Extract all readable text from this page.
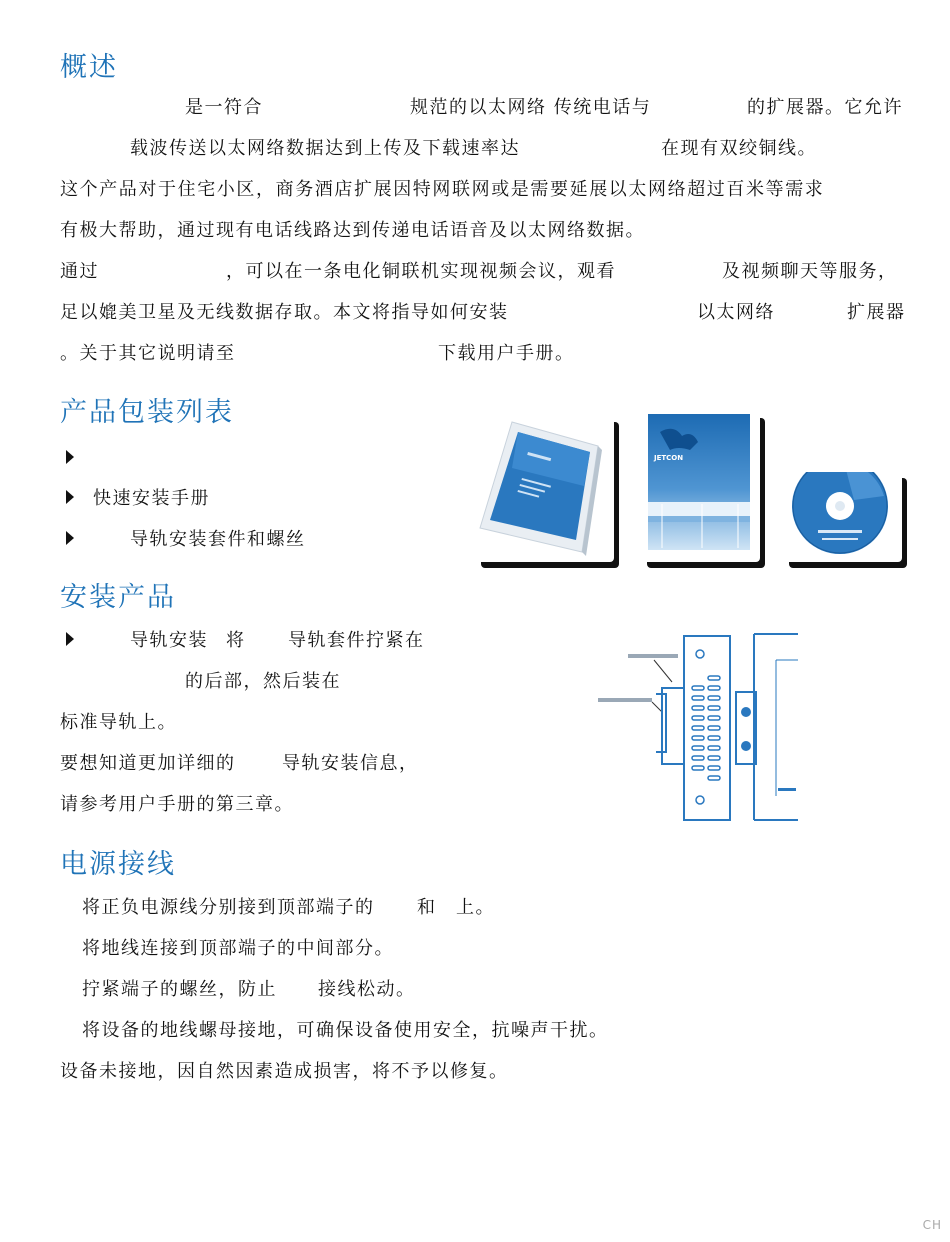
概述
是一符合	规范的以太网络 传统电话与	的扩展器。它允许
载波传送以太网络数据达到上传及下载速率达	在现有双绞铜线。
这个产品对于住宅小区，商务酒店扩展因特网联网或是需要延展以太网络超过百米等需求
有极大帮助，通过现有电话线路达到传递电话语音及以太网络数据。
通过	，可以在一条电化铜联机实现视频会议，观看	及视频聊天等服务，
足以媲美卫星及无线数据存取。本文将指导如何安装	以太网络	扩展器
。关于其它说明请至	下载用户手册。
产品包装列表
快速安装手册
导轨安装套件和螺丝
JETCON
安装产品
导轨安装 将 导轨套件拧紧在
的后部，然后装在
标准导轨上。
要想知道更加详细的	导轨安装信息，
请参考用户手册的第三章。
电源接线
将正负电源线分别接到顶部端子的 和 上。
将地线连接到顶部端子的中间部分。
拧紧端子的螺丝，防止 接线松动。
将设备的地线螺母接地，可确保设备使用安全，抗噪声干扰。
设备未接地，因自然因素造成损害，将不予以修复。
CH
